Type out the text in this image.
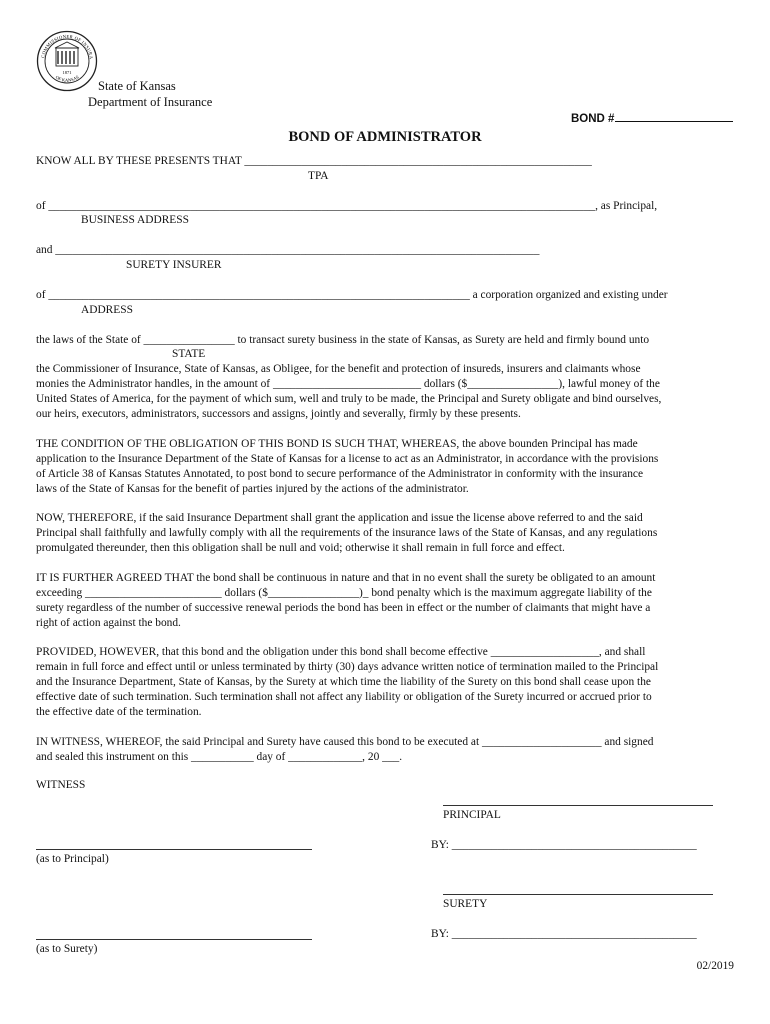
1871
COMMISSIONER OF INSURA
OF KANSAS
State of Kansas
Department of Insurance
BOND #
BOND OF ADMINISTRATOR
KNOW ALL BY THESE PRESENTS THAT _____________________________________________________________
TPA
of ________________________________________________________________________________________________, as Principal,
BUSINESS ADDRESS
and _____________________________________________________________________________________
SURETY INSURER
of __________________________________________________________________________ a corporation organized and existing under
ADDRESS
the laws of the State of ________________ to transact surety business in the state of Kansas, as Surety are held and firmly bound unto
STATE
the Commissioner of Insurance, State of Kansas, as Obligee, for the benefit and protection of insureds, insurers and claimants whose
monies the Administrator handles, in the amount of __________________________ dollars ($________________), lawful money of the
United States of America, for the payment of which sum, well and truly to be made, the Principal and Surety obligate and bind ourselves,
our heirs, executors, administrators, successors and assigns, jointly and severally, firmly by these presents.
THE CONDITION OF THE OBLIGATION OF THIS BOND IS SUCH THAT, WHEREAS, the above bounden Principal has made
application to the Insurance Department of the State of Kansas for a license to act as an Administrator, in accordance with the provisions
of Article 38 of Kansas Statutes Annotated, to post bond to secure performance of the Administrator in conformity with the insurance
laws of the State of Kansas for the benefit of parties injured by the actions of the administrator.
NOW, THEREFORE, if the said Insurance Department shall grant the application and issue the license above referred to and the said
Principal shall faithfully and lawfully comply with all the requirements of the insurance laws of the State of Kansas, and any regulations
promulgated thereunder, then this obligation shall be null and void; otherwise it shall remain in full force and effect.
IT IS FURTHER AGREED THAT the bond shall be continuous in nature and that in no event shall the surety be obligated to an amount
exceeding ________________________ dollars ($________________)_ bond penalty which is the maximum aggregate liability of the
surety regardless of the number of successive renewal periods the bond has been in effect or the number of claimants that might have a
right of action against the bond.
PROVIDED, HOWEVER, that this bond and the obligation under this bond shall become effective ___________________, and shall
remain in full force and effect until or unless terminated by thirty (30) days advance written notice of termination mailed to the Principal
and the Insurance Department, State of Kansas, by the Surety at which time the liability of the Surety on this bond shall cease upon the
effective date of such termination. Such termination shall not affect any liability or obligation of the Surety incurred or accrued prior to
the effective date of the termination.
IN WITNESS, WHEREOF, the said Principal and Surety have caused this bond to be executed at _____________________ and signed
and sealed this instrument on this ___________ day of _____________, 20 ___.
WITNESS
PRINCIPAL
BY: ___________________________________________
(as to Principal)
SURETY
BY: ___________________________________________
(as to Surety)
02/2019
